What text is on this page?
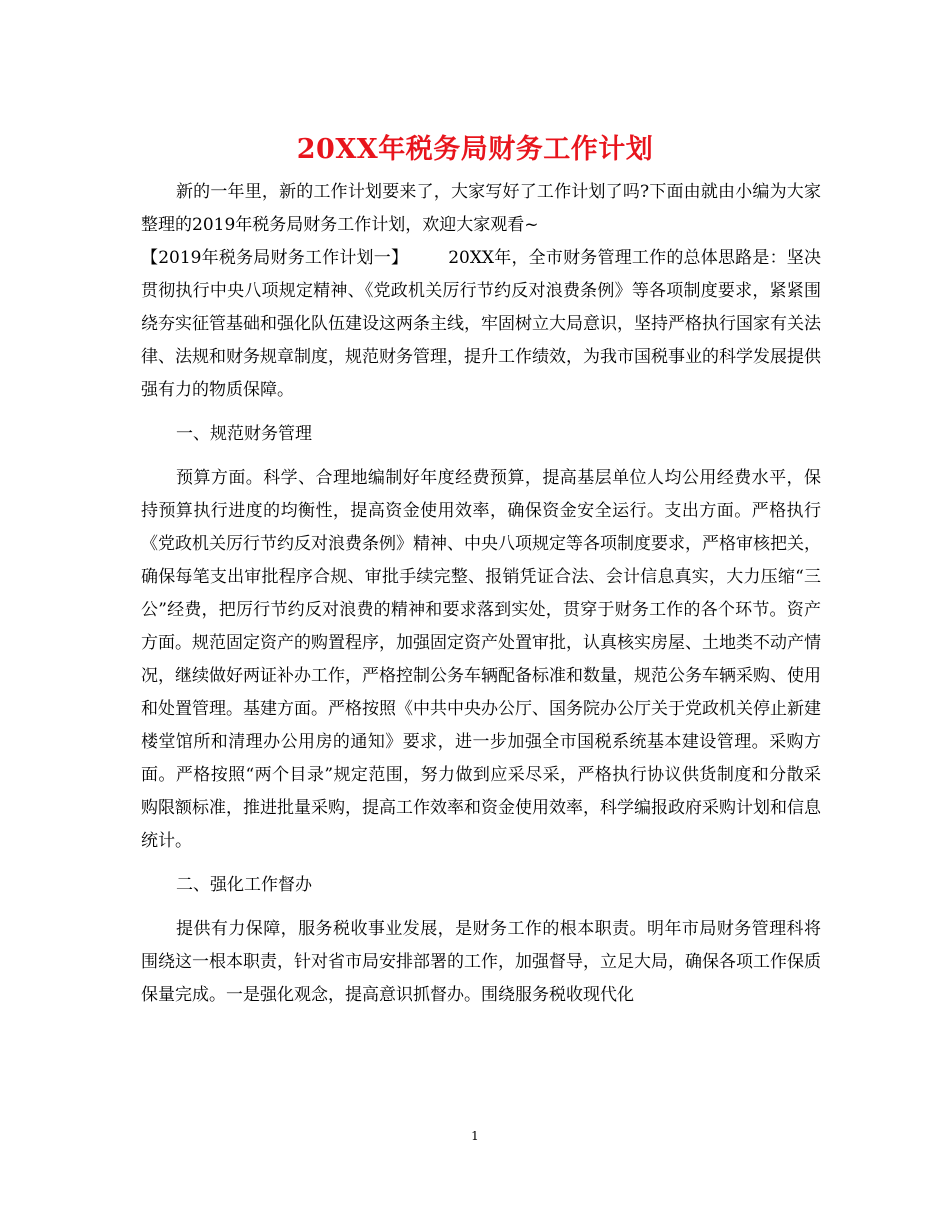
20XX年税务局财务工作计划

新的一年里，新的工作计划要来了，大家写好了工作计划了吗?下面由就由小编为大家整理的2019年税务局财务工作计划，欢迎大家观看~

【2019年税务局财务工作计划一】 20XX年，全市财务管理工作的总体思路是：坚决贯彻执行中央八项规定精神、《党政机关厉行节约反对浪费条例》等各项制度要求，紧紧围绕夯实征管基础和强化队伍建设这两条主线，牢固树立大局意识，坚持严格执行国家有关法律、法规和财务规章制度，规范财务管理，提升工作绩效，为我市国税事业的科学发展提供强有力的物质保障。

一、规范财务管理

预算方面。科学、合理地编制好年度经费预算，提高基层单位人均公用经费水平，保持预算执行进度的均衡性，提高资金使用效率，确保资金安全运行。支出方面。严格执行《党政机关厉行节约反对浪费条例》精神、中央八项规定等各项制度要求，严格审核把关，确保每笔支出审批程序合规、审批手续完整、报销凭证合法、会计信息真实，大力压缩“三公”经费，把厉行节约反对浪费的精神和要求落到实处，贯穿于财务工作的各个环节。资产方面。规范固定资产的购置程序，加强固定资产处置审批，认真核实房屋、土地类不动产情况，继续做好两证补办工作，严格控制公务车辆配备标准和数量，规范公务车辆采购、使用和处置管理。基建方面。严格按照《中共中央办公厅、国务院办公厅关于党政机关停止新建楼堂馆所和清理办公用房的通知》要求，进一步加强全市国税系统基本建设管理。采购方面。严格按照“两个目录”规定范围，努力做到应采尽采，严格执行协议供货制度和分散采购限额标准，推进批量采购，提高工作效率和资金使用效率，科学编报政府采购计划和信息统计。

二、强化工作督办

提供有力保障，服务税收事业发展，是财务工作的根本职责。明年市局财务管理科将围绕这一根本职责，针对省市局安排部署的工作，加强督导，立足大局，确保各项工作保质保量完成。一是强化观念，提高意识抓督办。围绕服务税收现代化

1
